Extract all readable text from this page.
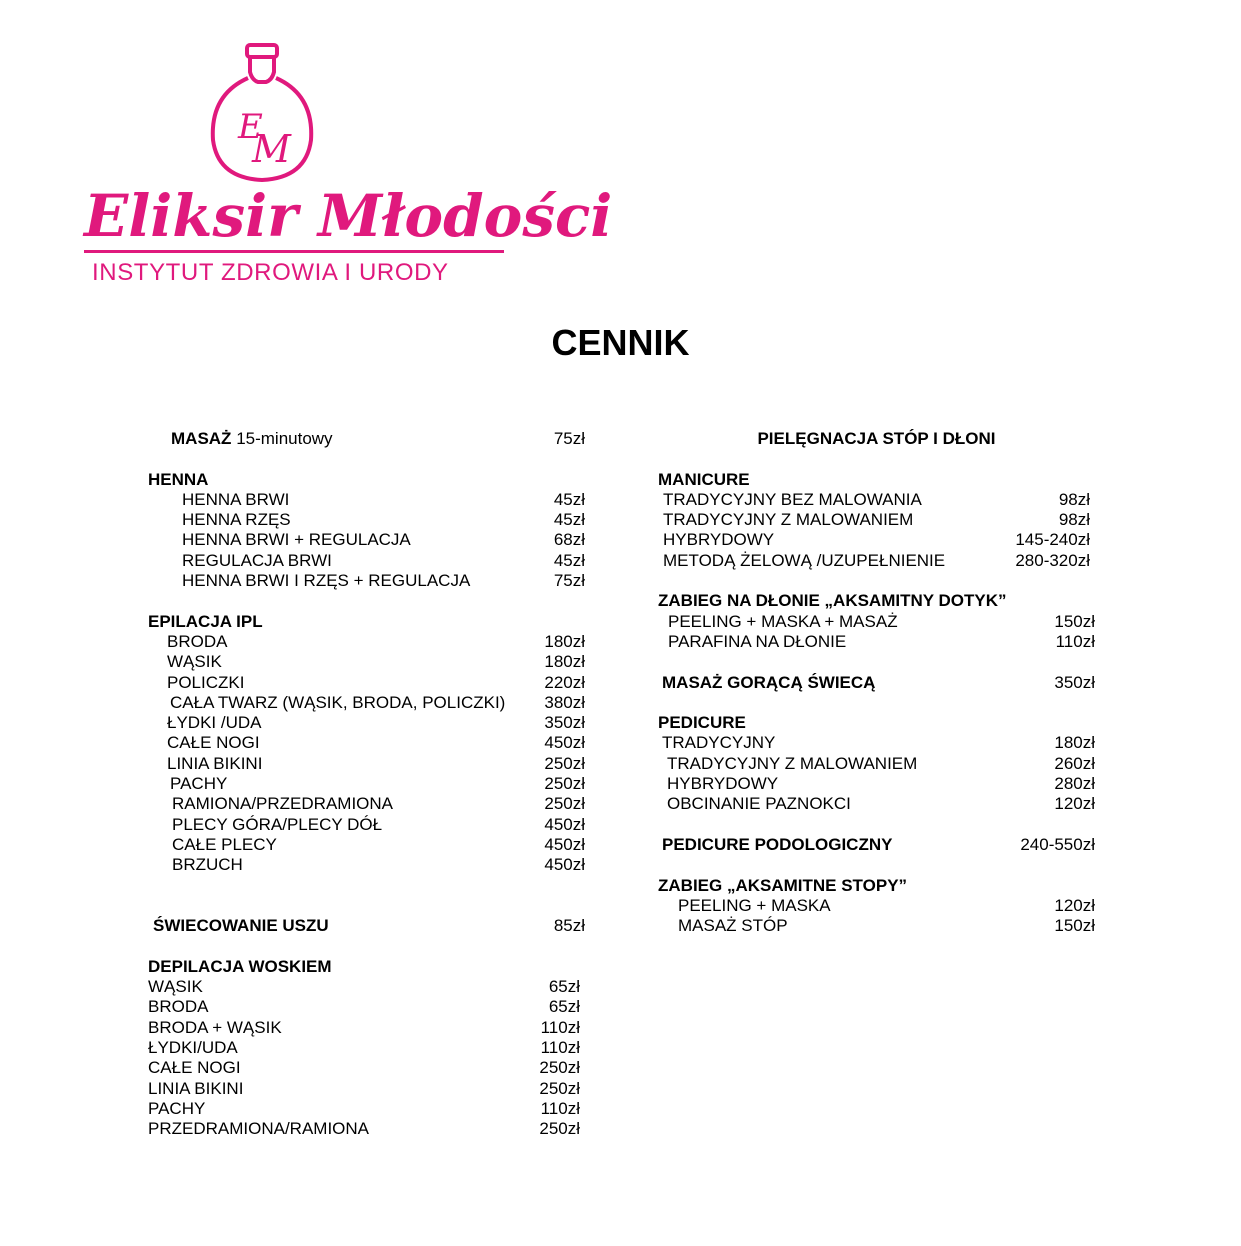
E
M
Eliksir Młodości
INSTYTUT ZDROWIA I URODY
CENNIK
MASAŻ 15-minutowy	75zł
HENNA
HENNA BRWI	45zł
HENNA RZĘS	45zł
HENNA BRWI + REGULACJA	68zł
REGULACJA BRWI	45zł
HENNA BRWI I RZĘS + REGULACJA	75zł
EPILACJA IPL
BRODA	180zł
WĄSIK	180zł
POLICZKI	220zł
CAŁA TWARZ (WĄSIK, BRODA, POLICZKI) 380zł
ŁYDKI /UDA	350zł
CAŁE NOGI	450zł
LINIA BIKINI	250zł
PACHY	250zł
RAMIONA/PRZEDRAMIONA	250zł
PLECY GÓRA/PLECY DÓŁ	450zł
CAŁE PLECY	450zł
BRZUCH	450zł
ŚWIECOWANIE USZU	85zł
DEPILACJA WOSKIEM
WĄSIK	65zł
BRODA	65zł
BRODA + WĄSIK	110zł
ŁYDKI/UDA	110zł
CAŁE NOGI	250zł
LINIA BIKINI	250zł
PACHY	110zł
PRZEDRAMIONA/RAMIONA	250zł
PIELĘGNACJA STÓP I DŁONI
MANICURE
TRADYCYJNY BEZ MALOWANIA	98zł
TRADYCYJNY Z MALOWANIEM	98zł
HYBRYDOWY	145-240zł
METODĄ ŻELOWĄ /UZUPEŁNIENIE	280-320zł
ZABIEG NA DŁONIE „AKSAMITNY DOTYK”
PEELING + MASKA + MASAŻ	150zł
PARAFINA NA DŁONIE	110zł
MASAŻ GORĄCĄ ŚWIECĄ	350zł
PEDICURE
TRADYCYJNY	180zł
TRADYCYJNY Z MALOWANIEM	260zł
HYBRYDOWY	280zł
OBCINANIE PAZNOKCI	120zł
PEDICURE PODOLOGICZNY	240-550zł
ZABIEG „AKSAMITNE STOPY”
PEELING + MASKA	120zł
MASAŻ STÓP	150zł
